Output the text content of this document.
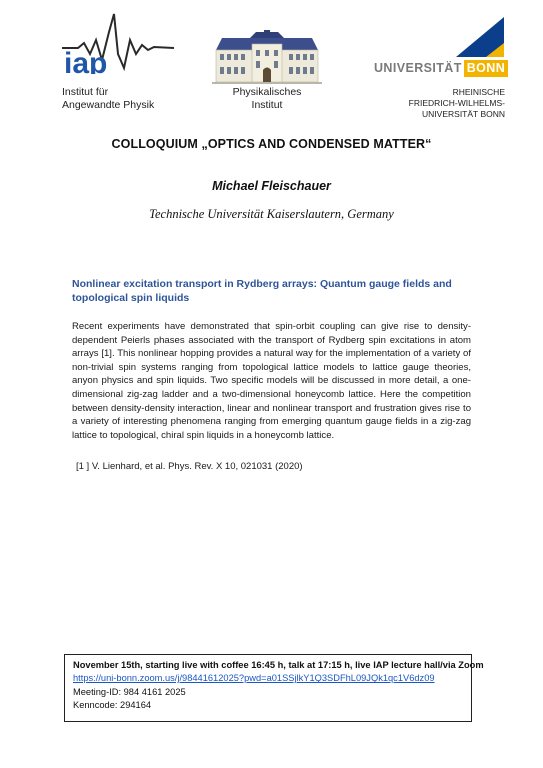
iap
Institut für
Angewandte Physik
Physikalisches
Institut
UNIVERSITÄT BONN
RHEINISCHE
FRIEDRICH-WILHELMS-
UNIVERSITÄT BONN
COLLOQUIUM „OPTICS AND CONDENSED MATTER“
Michael Fleischauer
Technische Universität Kaiserslautern, Germany
Nonlinear excitation transport in Rydberg arrays: Quantum gauge fields and topological spin liquids
Recent experiments have demonstrated that spin-orbit coupling can give rise to density-dependent Peierls phases associated with the transport of Rydberg spin excitations in atom arrays [1]. This nonlinear hopping provides a natural way for the implementation of a variety of non-trivial spin systems ranging from topological lattice models to lattice gauge theories, anyon physics and spin liquids. Two specific models will be discussed in more detail, a one-dimensional zig-zag ladder and a two-dimensional honeycomb lattice. Here the competition between density-density interaction, linear and nonlinear transport and frustration gives rise to a variety of interesting phenomena ranging from emerging quantum gauge fields in a zig-zag lattice to topological, chiral spin liquids in a honeycomb lattice.
[1 ] V. Lienhard, et al. Phys. Rev. X 10, 021031 (2020)
November 15th, starting live with coffee 16:45 h, talk at 17:15 h, live IAP lecture hall/via Zoom
https://uni-bonn.zoom.us/j/98441612025?pwd=a01SSjlkY1Q3SDFhL09JQk1qc1V6dz09
Meeting-ID: 984 4161 2025
Kenncode: 294164
